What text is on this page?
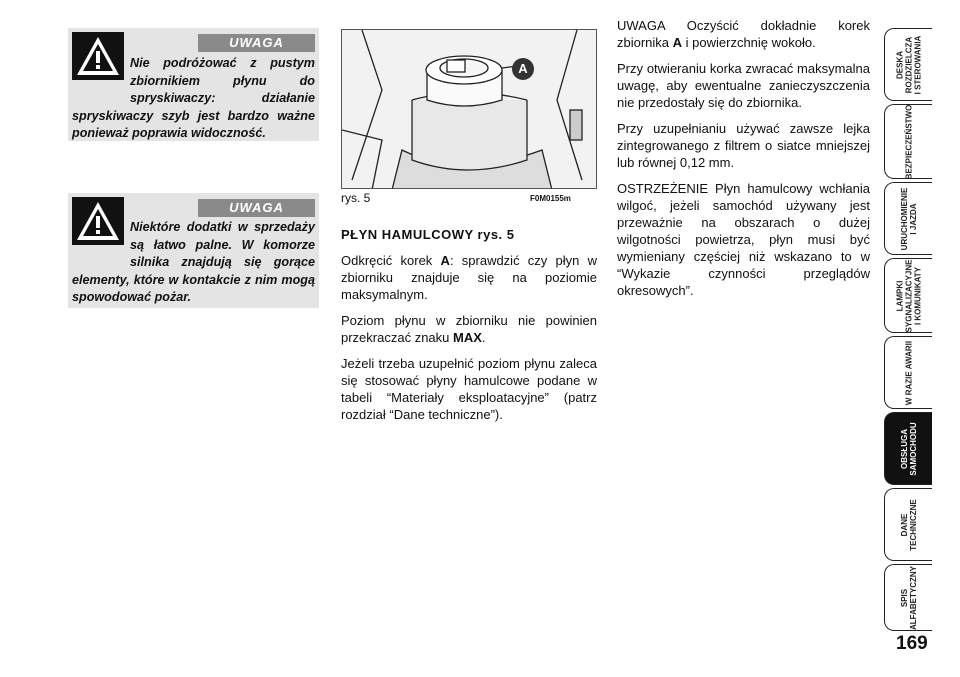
UWAGA
Nie podróżować z pustym zbiornikiem płynu do spryskiwaczy: działanie spryskiwaczy szyb jest bardzo ważne ponieważ poprawia widoczność.
UWAGA
Niektóre dodatki w sprzedaży są łatwo palne. W komorze silnika znajdują się gorące elementy, które w kontakcie z nim mogą spowodować pożar.
A
rys. 5	F0M0155m

PŁYN HAMULCOWY rys. 5

Odkręcić korek A: sprawdzić czy płyn w zbiorniku znajduje się na poziomie maksymalnym.

Poziom płynu w zbiorniku nie powinien przekraczać znaku MAX.

Jeżeli trzeba uzupełnić poziom płynu zaleca się stosować płyny hamulcowe podane w tabeli “Materiały eksploatacyjne” (patrz rozdział “Dane techniczne”).

UWAGA Oczyścić dokładnie korek zbiornika A i powierzchnię wokoło.

Przy otwieraniu korka zwracać maksymalna uwagę, aby ewentualne zanieczyszczenia nie przedostały się do zbiornika.

Przy uzupełnianiu używać zawsze lejka zintegrowanego z filtrem o siatce mniejszej lub równej 0,12 mm.

OSTRZEŻENIE Płyn hamulcowy wchłania wilgoć, jeżeli samochód używany jest przeważnie na obszarach o dużej wilgotności powietrza, płyn musi być wymieniany częściej niż wskazano to w “Wykazie czynności przeglądów okresowych”.

DESKA
ROZDZIELCZA
I STEROWANIA
BEZPIECZEŃSTWO
URUCHOMIENIE
I JAZDA
LAMPKI
SYGNALIZACYJNE
I KOMUNIKATY
W RAZIE AWARII
OBSŁUGA
SAMOCHODU
DANE
TECHNICZNE
SPIS
ALFABETYCZNY
169
